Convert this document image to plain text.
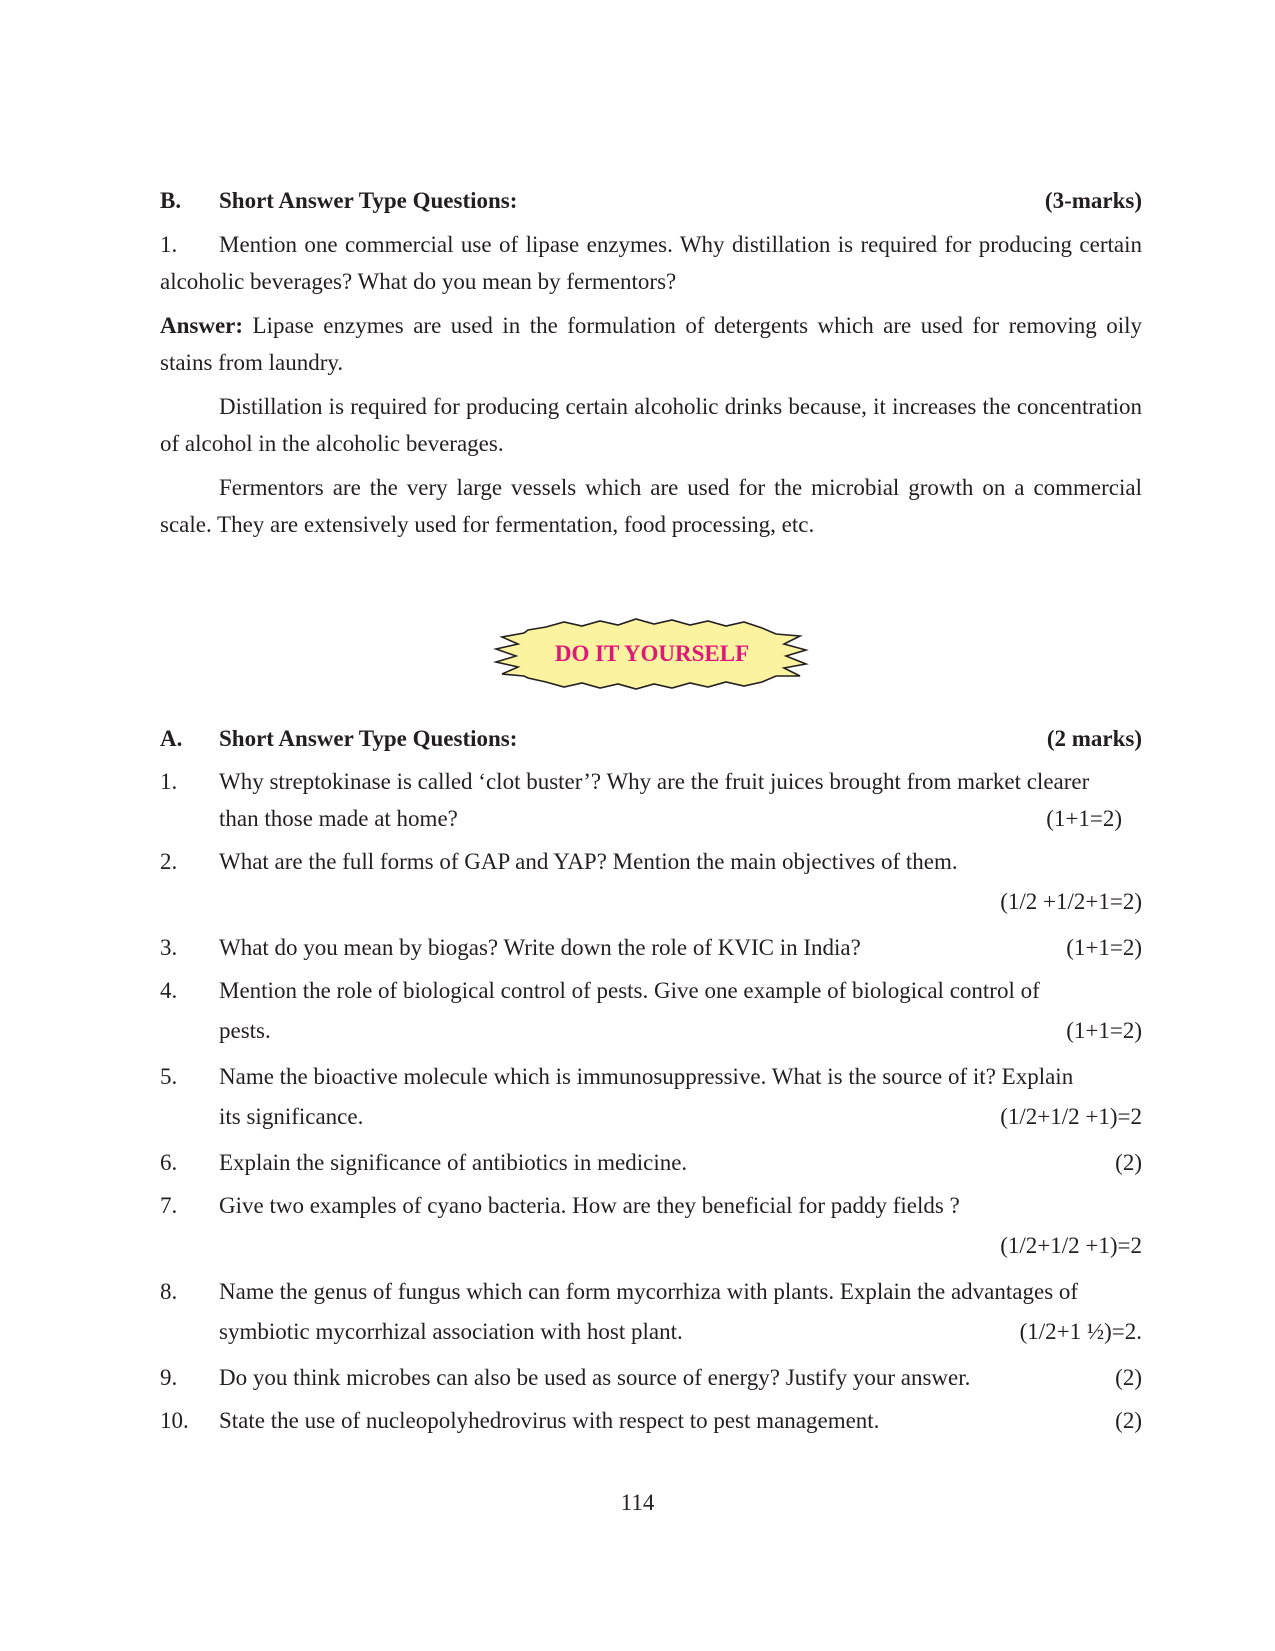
B.	Short Answer Type Questions:	(3-marks)
1. Mention one commercial use of lipase enzymes. Why distillation is required for producing certain alcoholic beverages? What do you mean by fermentors?
Answer: Lipase enzymes are used in the formulation of detergents which are used for removing oily stains from laundry.
Distillation is required for producing certain alcoholic drinks because, it increases the concentration of alcohol in the alcoholic beverages.
Fermentors are the very large vessels which are used for the microbial growth on a commercial scale. They are extensively used for fermentation, food processing, etc.
A.	Short Answer Type Questions:	(2 marks)
1.	Why streptokinase is called ‘clot buster’? Why are the fruit juices brought from market clearer
than those made at home?	(1+1=2)
2.	What are the full forms of GAP and YAP? Mention the main objectives of them.
(1/2 +1/2+1=2)
3.	What do you mean by biogas? Write down the role of KVIC in India?	(1+1=2)
4.	Mention the role of biological control of pests. Give one example of biological control of
pests.	(1+1=2)
5.	Name the bioactive molecule which is immunosuppressive. What is the source of it? Explain
its significance.	(1/2+1/2 +1)=2
6.	Explain the significance of antibiotics in medicine.	(2)
7.	Give two examples of cyano bacteria. How are they beneficial for paddy fields ?
(1/2+1/2 +1)=2
8.	Name the genus of fungus which can form mycorrhiza with plants. Explain the advantages of
symbiotic mycorrhizal association with host plant.	(1/2+1 ½)=2.
9.	Do you think microbes can also be used as source of energy? Justify your answer.	(2)
10.	State the use of nucleopolyhedrovirus with respect to pest management.	(2)
DO IT YOURSELF
114
